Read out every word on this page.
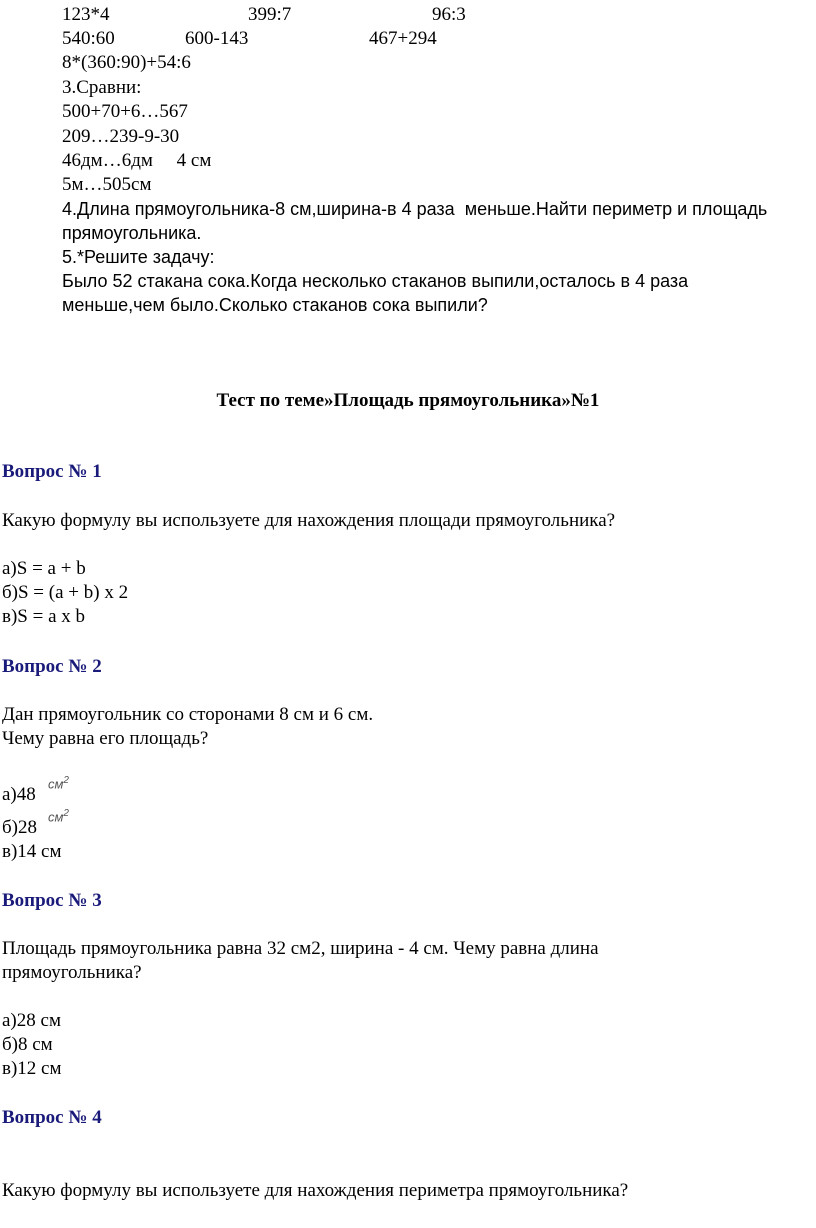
123*4	399:7	96:3
540:60	600-143	467+294
8*(360:90)+54:6
3.Сравни:
500+70+6…567
209…239-9-30
46дм…6дм     4 см
5м…505см
4.Длина прямоугольника-8 см,ширина-в 4 раза  меньше.Найти периметр и площадь
прямоугольника.
5.*Решите задачу:
Было 52 стакана сока.Когда несколько стаканов выпили,осталось в 4 раза
меньше,чем было.Сколько стаканов сока выпили?
Тест по теме»Площадь прямоугольника»№1
Вопрос № 1
Какую формулу вы используете для нахождения площади прямоугольника?
а)S = a + b
б)S = (a + b) x 2
в)S = a x b
Вопрос № 2
Дан прямоугольник со сторонами 8 см и 6 см.
Чему равна его площадь?
а)48
$см^2$
б)28
$см^2$
в)14 см
Вопрос № 3
Площадь прямоугольника равна 32 см2, ширина - 4 см. Чему равна длина
прямоугольника?
а)28 см
б)8 см
в)12 см
Вопрос № 4
Какую формулу вы используете для нахождения периметра прямоугольника?
